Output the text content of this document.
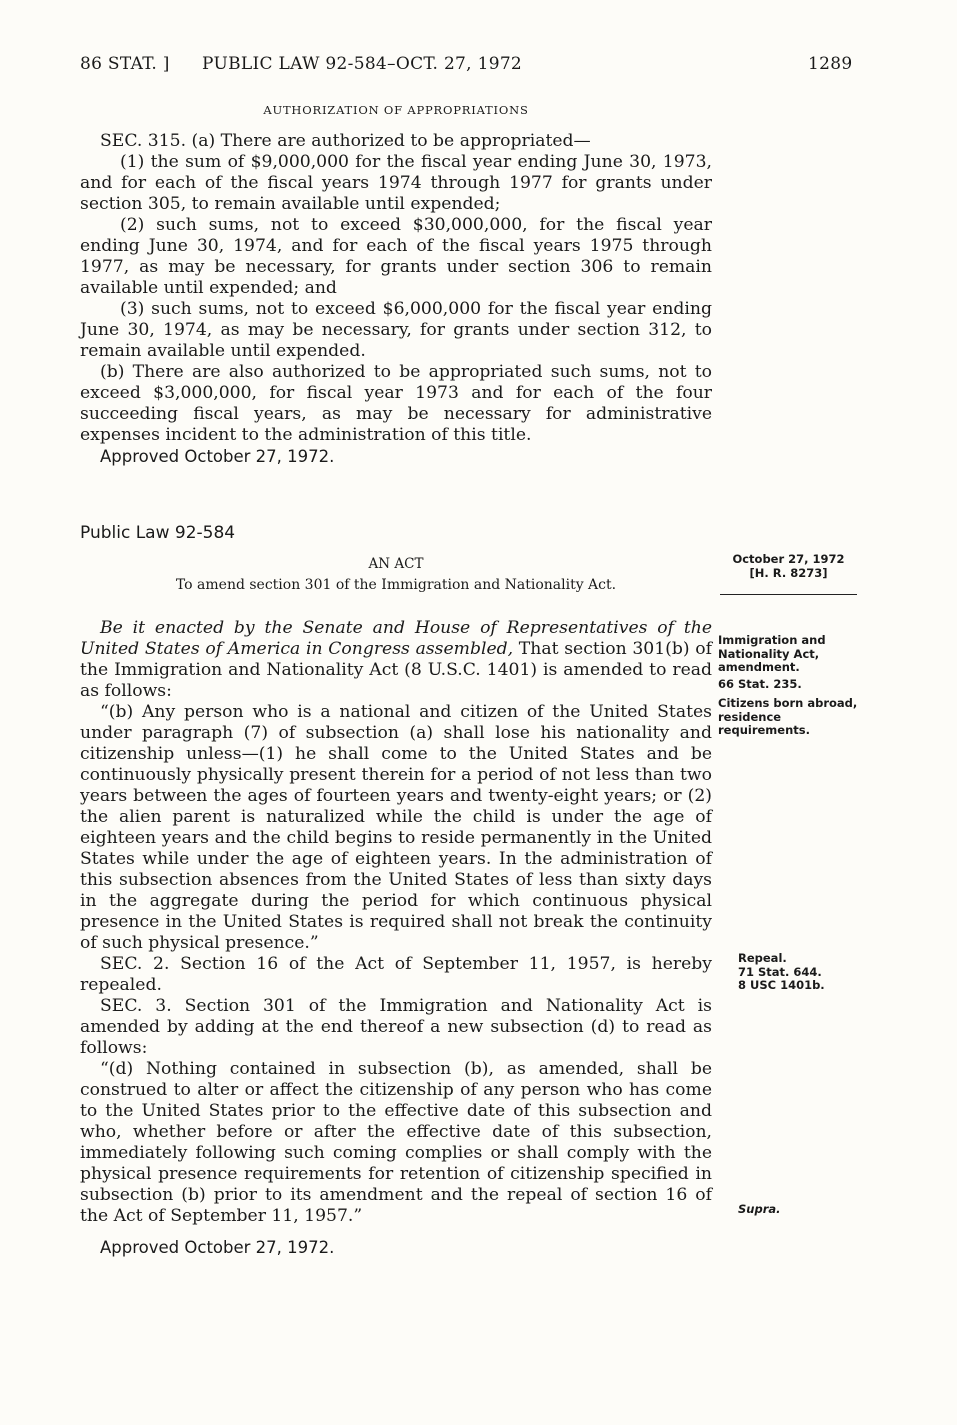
86 STAT. ] PUBLIC LAW 92-584–OCT. 27, 1972	1289

AUTHORIZATION OF APPROPRIATIONS

SEC. 315. (a) There are authorized to be appropriated—

(1) the sum of $9,000,000 for the fiscal year ending June 30, 1973, and for each of the fiscal years 1974 through 1977 for grants under section 305, to remain available until expended;

(2) such sums, not to exceed $30,000,000, for the fiscal year ending June 30, 1974, and for each of the fiscal years 1975 through 1977, as may be necessary, for grants under section 306 to remain available until expended; and

(3) such sums, not to exceed $6,000,000 for the fiscal year ending June 30, 1974, as may be necessary, for grants under section 312, to remain available until expended.

(b) There are also authorized to be appropriated such sums, not to exceed $3,000,000, for fiscal year 1973 and for each of the four succeeding fiscal years, as may be necessary for administrative expenses incident to the administration of this title.

Approved October 27, 1972.

Public Law 92-584

AN ACT

To amend section 301 of the Immigration and Nationality Act.

Be it enacted by the Senate and House of Representatives of the United States of America in Congress assembled, That section 301(b) of the Immigration and Nationality Act (8 U.S.C. 1401) is amended to read as follows:

“(b) Any person who is a national and citizen of the United States under paragraph (7) of subsection (a) shall lose his nationality and citizenship unless—(1) he shall come to the United States and be continuously physically present therein for a period of not less than two years between the ages of fourteen years and twenty-eight years; or (2) the alien parent is naturalized while the child is under the age of eighteen years and the child begins to reside permanently in the United States while under the age of eighteen years. In the administration of this subsection absences from the United States of less than sixty days in the aggregate during the period for which continuous physical presence in the United States is required shall not break the continuity of such physical presence.”

SEC. 2. Section 16 of the Act of September 11, 1957, is hereby repealed.

SEC. 3. Section 301 of the Immigration and Nationality Act is amended by adding at the end thereof a new subsection (d) to read as follows:

“(d) Nothing contained in subsection (b), as amended, shall be construed to alter or affect the citizenship of any person who has come to the United States prior to the effective date of this subsection and who, whether before or after the effective date of this subsection, immediately following such coming complies or shall comply with the physical presence requirements for retention of citizenship specified in subsection (b) prior to its amendment and the repeal of section 16 of the Act of September 11, 1957.”

Approved October 27, 1972.

October 27, 1972
[H. R. 8273]
Immigration and Nationality Act, amendment.
66 Stat. 235.
Citizens born abroad, residence requirements.
Repeal.
71 Stat. 644.
8 USC 1401b.
Supra.
